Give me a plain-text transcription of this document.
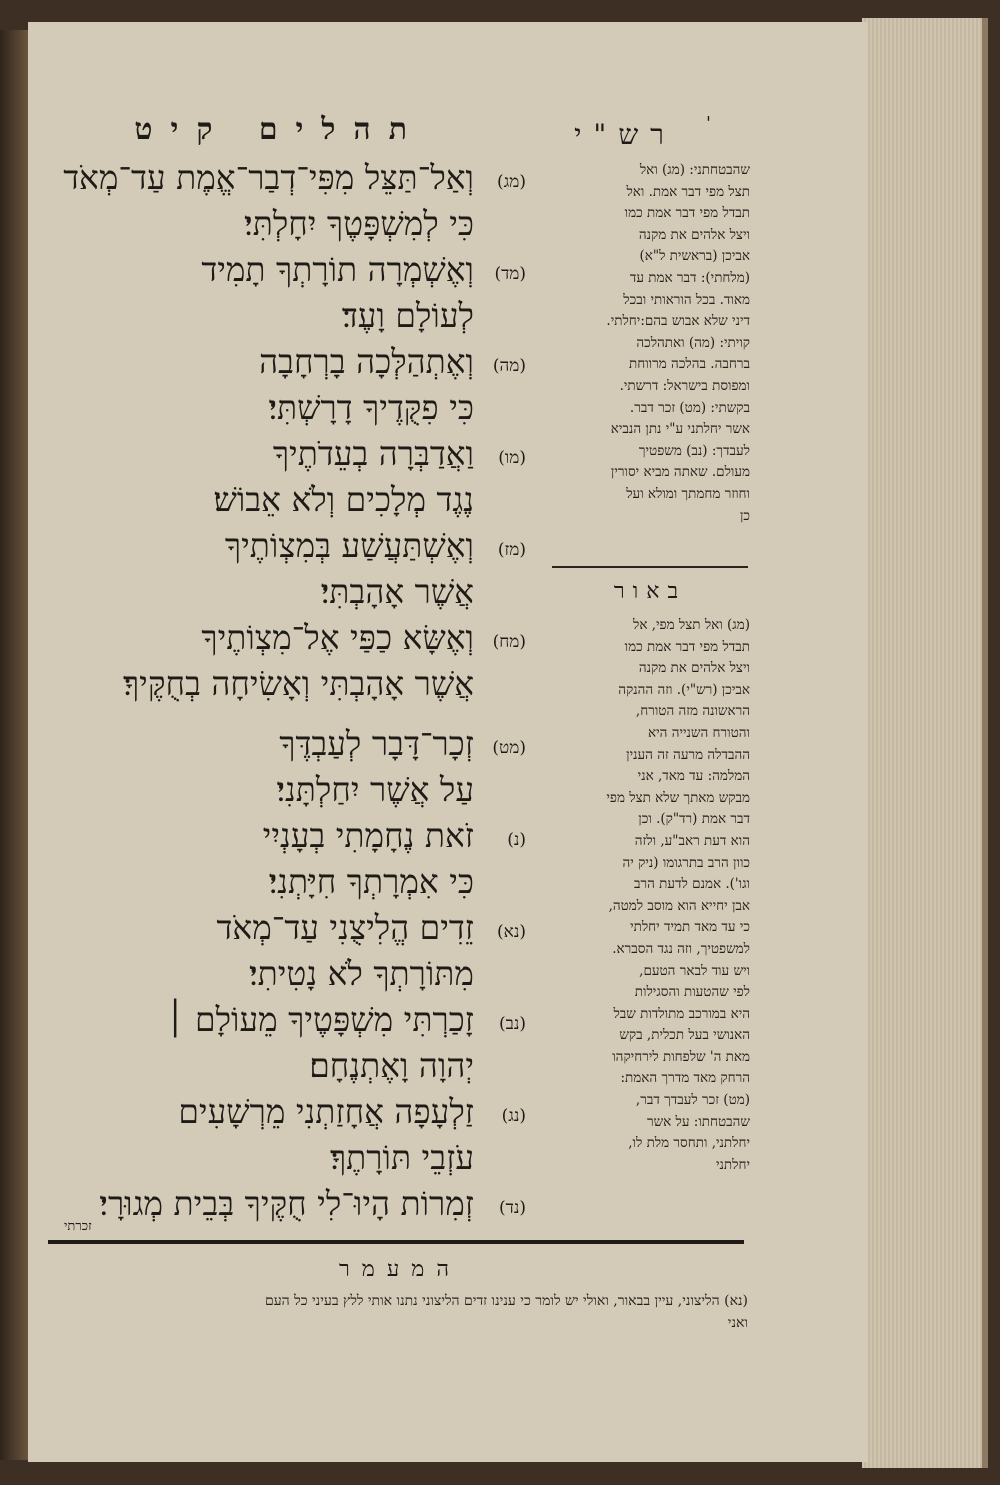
תהלים קיט	רש"י	'
(מג)
וְאַל־תַּצֵּל מִפִּי־דְבַר־אֱמֶת עַד־מְאֹד
כִּי לְמִשְׁפָּטֶךָ יִחָלְתִּי׃
(מד)
וְאֶשְׁמְרָה תוֹרָתְךָ תָמִיד
לְעוֹלָם וָעֶד׃
(מה)
וְאֶתְהַלְּכָה בָרְחָבָה
כִּי פִקֻּדֶיךָ דָרָשְׁתִּי׃
(מו)
וַאֲדַבְּרָה בְעֵדֹתֶיךָ
נֶגֶד מְלָכִים וְלֹא אֵבוֹשׁ׃
(מז)
וְאֶשְׁתַּעֲשַׁע בְּמִצְוֹתֶיךָ
אֲשֶׁר אָהָבְתִּי׃
(מח)
וְאֶשָּׂא כַפַּי אֶל־מִצְוֹתֶיךָ
אֲשֶׁר אָהָבְתִּי וְאָשִׂיחָה בְחֻקֶּיךָ׃
(מט)
זְכָר־דָּבָר לְעַבְדֶּךָ
עַל אֲשֶׁר יִחַלְתָּנִי׃
(נ)
זֹאת נֶחָמָתִי בְעָנְיִי
כִּי אִמְרָתְךָ חִיָּתְנִי׃
(נא)
זֵדִים הֱלִיצֻנִי עַד־מְאֹד
מִתּוֹרָתְךָ לֹא נָטִיתִי׃
(נב)
זָכַרְתִּי מִשְׁפָּטֶיךָ מֵעוֹלָם ׀
יְהוָה וָאֶתְנֶחָם׃
(נג)
זַלְעָפָה אֲחָזַתְנִי מֵרְשָׁעִים
עֹזְבֵי תּוֹרָתֶךָ׃
(נד)
זְמִרוֹת הָיוּ־לִי חֻקֶּיךָ בְּבֵית מְגוּרָי׃
שהבטחתני: (מג) ואל
תצל מפי דבר אמת. ואל
תבדל מפי דבר אמת כמו
ויצל אלהים את מקנה
אביכן (בראשית ל"א)
(מלחתי): דבר אמת עד
מאוד. בכל הוראותי ובכל
דיני שלא אבוש בהם:יחלתי.
קויתי: (מה) ואתהלכה
ברחבה. בהלכה מרווחת
ומפוסת בישראל: דרשתי.
בקשתי: (מט) זכר דבר.
אשר יחלתני ע"י נתן הנביא
לעבדך: (נב) משפטיך
מעולם. שאתה מביא יסורין
וחוזר מחמתך ומולא ועל
כן
באור
(מג) ואל תצל מפי, אל
תבדל מפי דבר אמת כמו
ויצל אלהים את מקנה
אביכן (רש"י). וזה ההנקה
הראשונה מזה הטורח,
והטורח השנייה היא
ההבדלה מרעה זה הענין
המלמה: עד מאד, אני
מבקש מאתך שלא תצל מפי
דבר אמת (רד"ק). וכן
הוא דעת ראב"ע, ולזה
כוון הרב בתרגומו (ניק יה
וגו'). אמנם לדעת הרב
אבן יחייא הוא מוסב למטה,
כי עד מאד תמיד יחלתי
למשפטיך, וזה נגד הסברא.
ויש עוד לבאר הטעם,
לפי שהטעות והסגילות
היא במורכב מתולדות שבל
האנושי בעל תכלית, בקש
מאת ה' שלפחות לירחיקהו
הרחק מאד מדרך האמת:
(מט) זכר לעבדך דבר,
שהבטחתו: על אשר
יחלתני, ותחסר מלת לו,
יחלתני
זכרתי
המעמר
(נא) הליצוני, עיין בבאור, ואולי יש לומר כי ענינו זדים הליצוני נתנו אותי ללץ בעיני כל העם
ואני
